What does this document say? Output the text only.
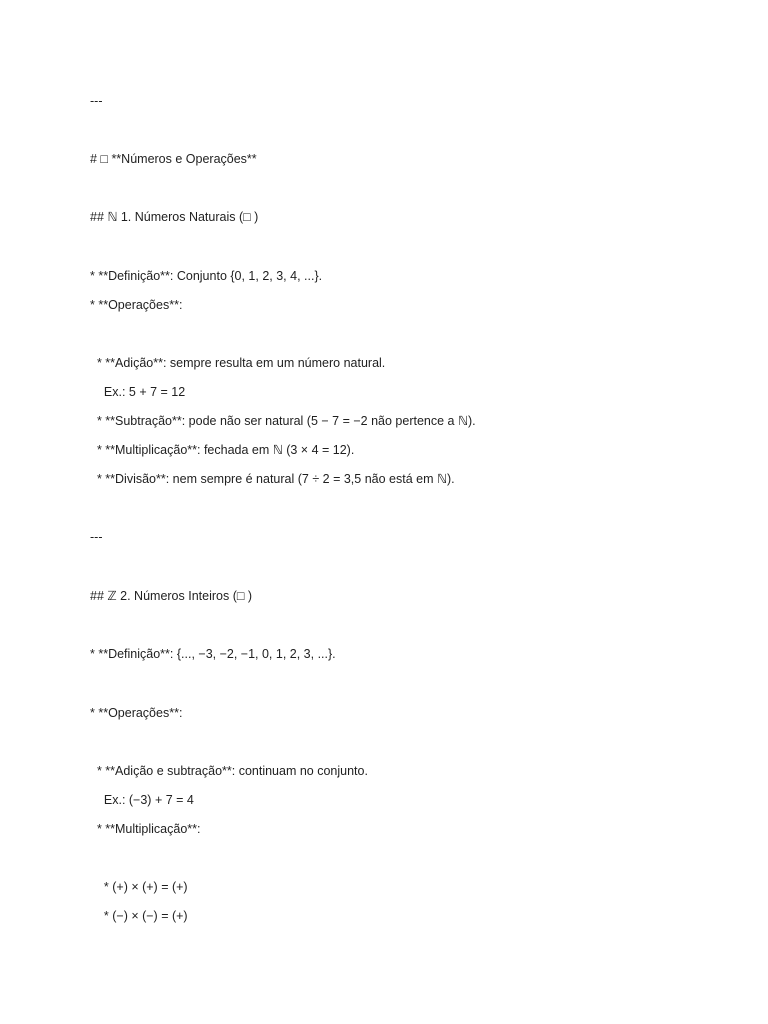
---
# □ **Números e Operações**
## ℕ 1. Números Naturais (□ )
* **Definição**: Conjunto {0, 1, 2, 3, 4, ...}.
* **Operações**:
* **Adição**: sempre resulta em um número natural.
Ex.: 5 + 7 = 12
* **Subtração**: pode não ser natural (5 − 7 = −2 não pertence a ℕ).
* **Multiplicação**: fechada em ℕ (3 × 4 = 12).
* **Divisão**: nem sempre é natural (7 ÷ 2 = 3,5 não está em ℕ).
---
## ℤ 2. Números Inteiros (□ )
* **Definição**: {..., −3, −2, −1, 0, 1, 2, 3, ...}.
* **Operações**:
* **Adição e subtração**: continuam no conjunto.
Ex.: (−3) + 7 = 4
* **Multiplicação**:
* (+) × (+) = (+)
* (−) × (−) = (+)
